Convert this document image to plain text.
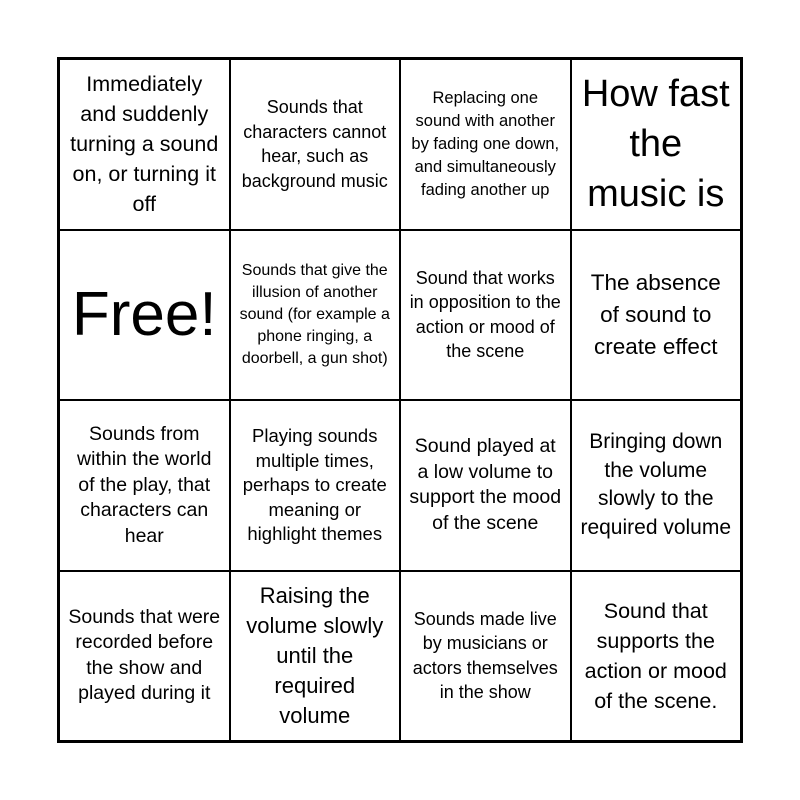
Immediately and suddenly turning a sound on, or turning it off
Sounds that characters cannot hear, such as background music
Replacing one sound with another by fading one down, and simultaneously fading another up
How fast the music is
Free!
Sounds that give the illusion of another sound (for example a phone ringing, a doorbell, a gun shot)
Sound that works in opposition to the action or mood of the scene
The absence of sound to create effect
Sounds from within the world of the play, that characters can hear
Playing sounds multiple times, perhaps to create meaning or highlight themes
Sound played at a low volume to support the mood of the scene
Bringing down the volume slowly to the required volume
Sounds that were recorded before the show and played during it
Raising the volume slowly until the required volume
Sounds made live by musicians or actors themselves in the show
Sound that supports the action or mood of the scene.
